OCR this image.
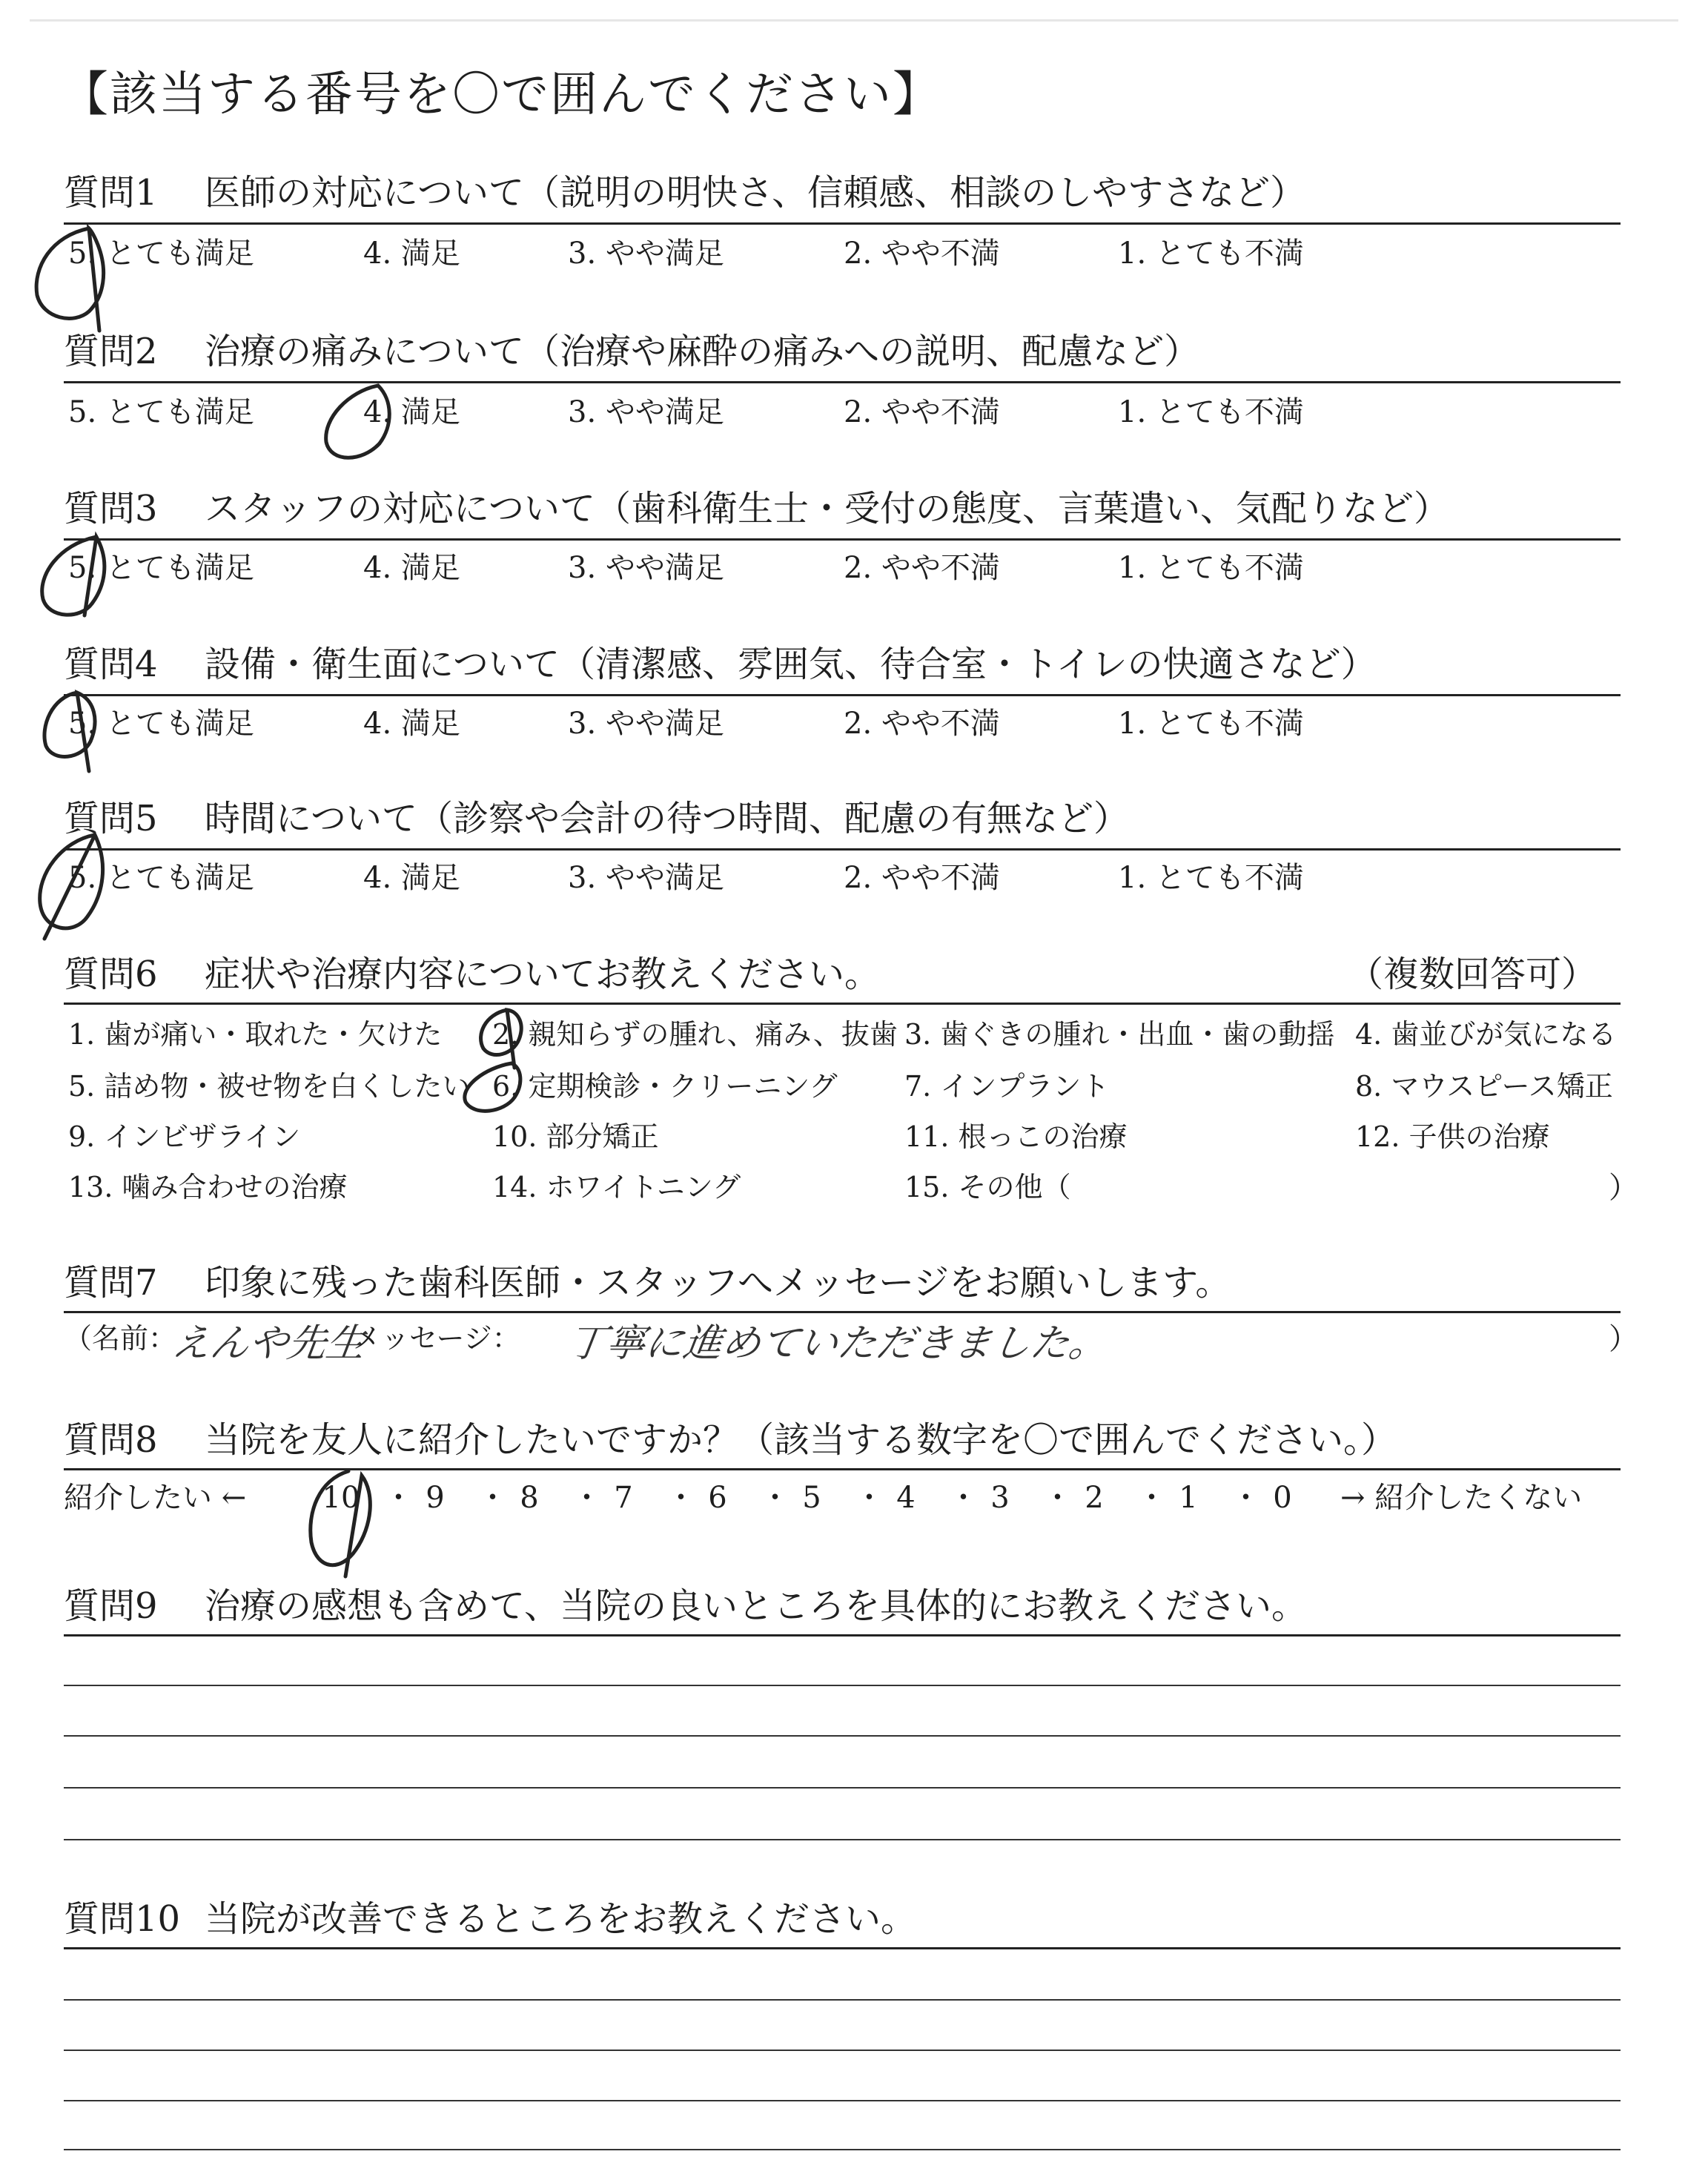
【該当する番号を〇で囲んでください】
質問1 医師の対応について（説明の明快さ、信頼感、相談のしやすさなど）
5. とても満足	4. 満足	3. やや満足	2. やや不満	1. とても不満
質問2 治療の痛みについて（治療や麻酔の痛みへの説明、配慮など）
5. とても満足	4. 満足	3. やや満足	2. やや不満	1. とても不満
質問3 スタッフの対応について（歯科衛生士・受付の態度、言葉遣い、気配りなど）
5. とても満足	4. 満足	3. やや満足	2. やや不満	1. とても不満
質問4 設備・衛生面について（清潔感、雰囲気、待合室・トイレの快適さなど）
5. とても満足	4. 満足	3. やや満足	2. やや不満	1. とても不満
質問5 時間について（診察や会計の待つ時間、配慮の有無など）
5. とても満足	4. 満足	3. やや満足	2. やや不満	1. とても不満
質問6 症状や治療内容についてお教えください。	（複数回答可）
1. 歯が痛い・取れた・欠けた 2. 親知らずの腫れ、痛み、抜歯 3. 歯ぐきの腫れ・出血・歯の動揺 4. 歯並びが気になる
5. 詰め物・被せ物を白くしたい 6. 定期検診・クリーニング 7. インプラント	8. マウスピース矯正
9. インビザライン	10. 部分矯正	11. 根っこの治療	12. 子供の治療
13. 噛み合わせの治療	14. ホワイトニング	15. その他（	）
質問7 印象に残った歯科医師・スタッフへメッセージをお願いします。
（名前：
えんや先生
メッセージ： 丁寧に進めていただきました。	）
質問8 当院を友人に紹介したいですか？（該当する数字を〇で囲んでください。）
紹介したい ←	10 ・ 9	・ 8	・ 7	・ 6	・ 5	・ 4	・ 3	・ 2	・ 1	・ 0	→ 紹介したくない
質問9 治療の感想も含めて、当院の良いところを具体的にお教えください。
質問10 当院が改善できるところをお教えください。
